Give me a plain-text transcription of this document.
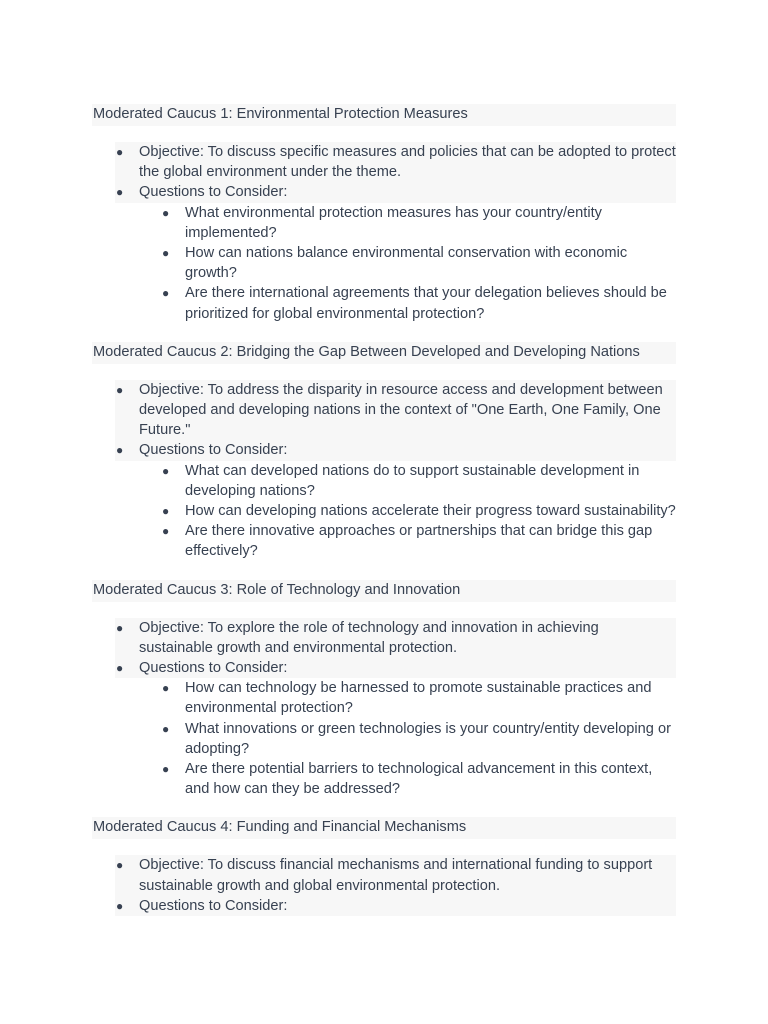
Moderated Caucus 1: Environmental Protection Measures
●	Objective: To discuss specific measures and policies that can be adopted to protect the global environment under the theme.
●	Questions to Consider:
● What environmental protection measures has your country/entity implemented?
● How can nations balance environmental conservation with economic growth?
● Are there international agreements that your delegation believes should be prioritized for global environmental protection?
Moderated Caucus 2: Bridging the Gap Between Developed and Developing Nations
●	Objective: To address the disparity in resource access and development between developed and developing nations in the context of "One Earth, One Family, One Future."
●	Questions to Consider:
● What can developed nations do to support sustainable development in developing nations?
● How can developing nations accelerate their progress toward sustainability?
● Are there innovative approaches or partnerships that can bridge this gap effectively?
Moderated Caucus 3: Role of Technology and Innovation
●	Objective: To explore the role of technology and innovation in achieving sustainable growth and environmental protection.
●	Questions to Consider:
● How can technology be harnessed to promote sustainable practices and environmental protection?
● What innovations or green technologies is your country/entity developing or adopting?
● Are there potential barriers to technological advancement in this context, and how can they be addressed?
Moderated Caucus 4: Funding and Financial Mechanisms
●	Objective: To discuss financial mechanisms and international funding to support sustainable growth and global environmental protection.
●	Questions to Consider:
